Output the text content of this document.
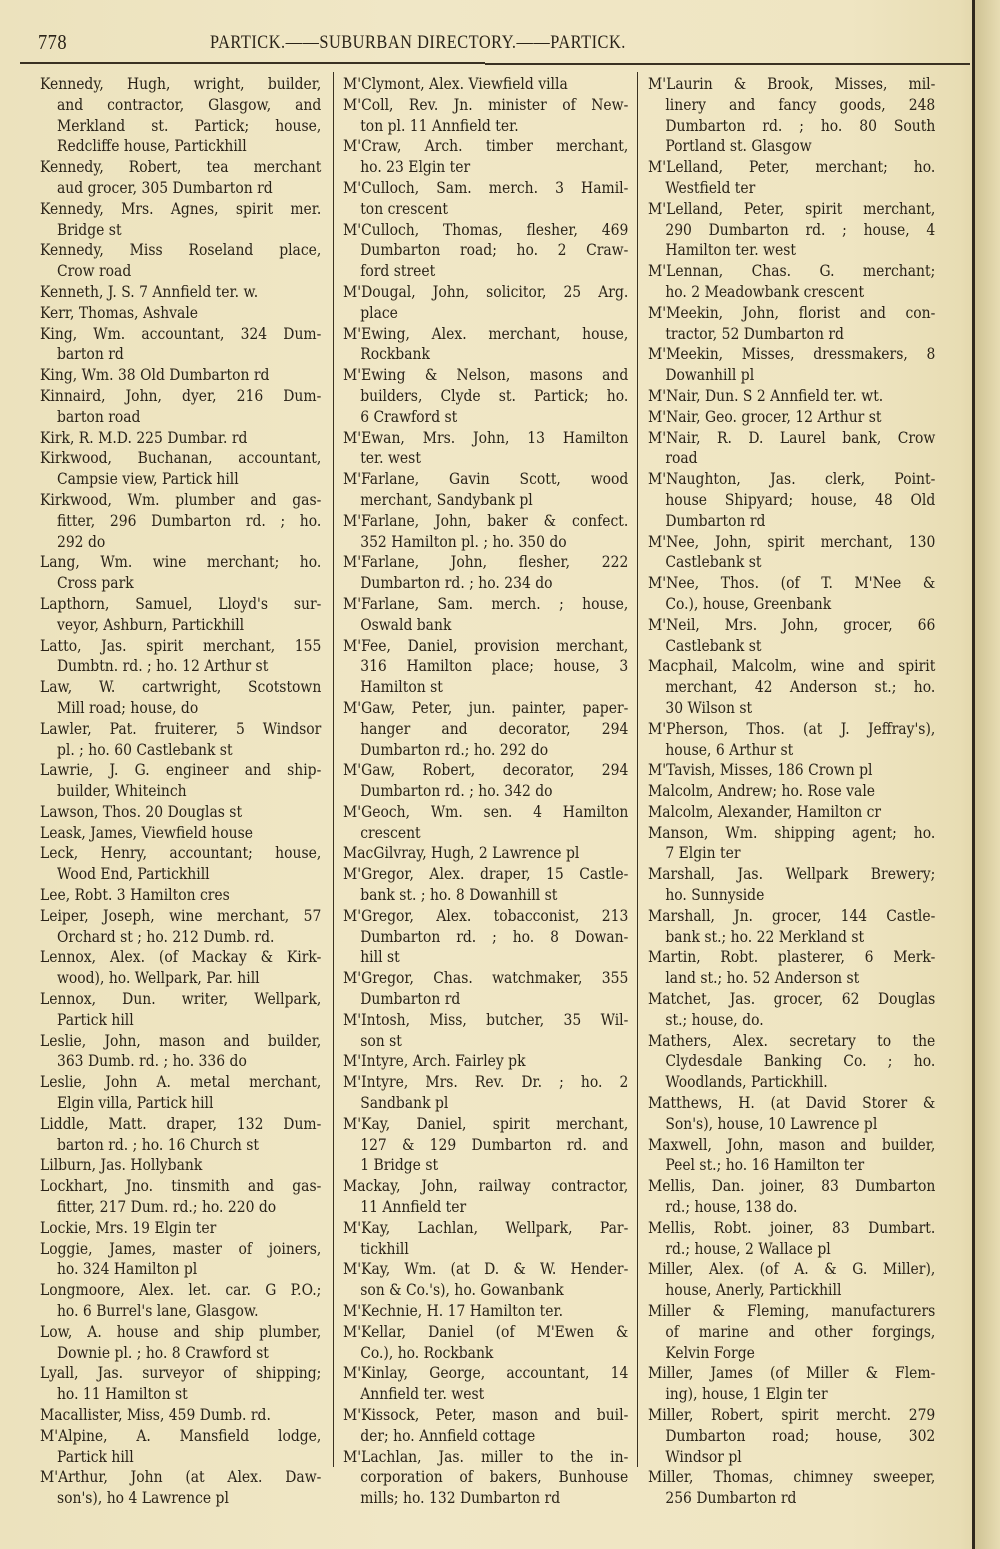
778	PARTICK.——SUBURBAN DIRECTORY.——PARTICK.
Kennedy, Hugh, wright, builder,
and contractor, Glasgow, and
Merkland st. Partick; house,
Redcliffe house, Partickhill
Kennedy, Robert, tea merchant
aud grocer, 305 Dumbarton rd
Kennedy, Mrs. Agnes, spirit mer.
Bridge st
Kennedy, Miss Roseland place,
Crow road
Kenneth, J. S. 7 Annfield ter. w.
Kerr, Thomas, Ashvale
King, Wm. accountant, 324 Dum-
barton rd
King, Wm. 38 Old Dumbarton rd
Kinnaird, John, dyer, 216 Dum-
barton road
Kirk, R. M.D. 225 Dumbar. rd
Kirkwood, Buchanan, accountant,
Campsie view, Partick hill
Kirkwood, Wm. plumber and gas-
fitter, 296 Dumbarton rd. ; ho.
292 do
Lang, Wm. wine merchant; ho.
Cross park
Lapthorn, Samuel, Lloyd's sur-
veyor, Ashburn, Partickhill
Latto, Jas. spirit merchant, 155
Dumbtn. rd. ; ho. 12 Arthur st
Law, W. cartwright, Scotstown
Mill road; house, do
Lawler, Pat. fruiterer, 5 Windsor
pl. ; ho. 60 Castlebank st
Lawrie, J. G. engineer and ship-
builder, Whiteinch
Lawson, Thos. 20 Douglas st
Leask, James, Viewfield house
Leck, Henry, accountant; house,
Wood End, Partickhill
Lee, Robt. 3 Hamilton cres
Leiper, Joseph, wine merchant, 57
Orchard st ; ho. 212 Dumb. rd.
Lennox, Alex. (of Mackay & Kirk-
wood), ho. Wellpark, Par. hill
Lennox, Dun. writer, Wellpark,
Partick hill
Leslie, John, mason and builder,
363 Dumb. rd. ; ho. 336 do
Leslie, John A. metal merchant,
Elgin villa, Partick hill
Liddle, Matt. draper, 132 Dum-
barton rd. ; ho. 16 Church st
Lilburn, Jas. Hollybank
Lockhart, Jno. tinsmith and gas-
fitter, 217 Dum. rd.; ho. 220 do
Lockie, Mrs. 19 Elgin ter
Loggie, James, master of joiners,
ho. 324 Hamilton pl
Longmoore, Alex. let. car. G P.O.;
ho. 6 Burrel's lane, Glasgow.
Low, A. house and ship plumber,
Downie pl. ; ho. 8 Crawford st
Lyall, Jas. surveyor of shipping;
ho. 11 Hamilton st
Macallister, Miss, 459 Dumb. rd.
M'Alpine, A. Mansfield lodge,
Partick hill
M'Arthur, John (at Alex. Daw-
son's), ho 4 Lawrence pl
M'Clymont, Alex. Viewfield villa
M'Coll, Rev. Jn. minister of New-
ton pl. 11 Annfield ter.
M'Craw, Arch. timber merchant,
ho. 23 Elgin ter
M'Culloch, Sam. merch. 3 Hamil-
ton crescent
M'Culloch, Thomas, flesher, 469
Dumbarton road; ho. 2 Craw-
ford street
M'Dougal, John, solicitor, 25 Arg.
place
M'Ewing, Alex. merchant, house,
Rockbank
M'Ewing & Nelson, masons and
builders, Clyde st. Partick; ho.
6 Crawford st
M'Ewan, Mrs. John, 13 Hamilton
ter. west
M'Farlane, Gavin Scott, wood
merchant, Sandybank pl
M'Farlane, John, baker & confect.
352 Hamilton pl. ; ho. 350 do
M'Farlane, John, flesher, 222
Dumbarton rd. ; ho. 234 do
M'Farlane, Sam. merch. ; house,
Oswald bank
M'Fee, Daniel, provision merchant,
316 Hamilton place; house, 3
Hamilton st
M'Gaw, Peter, jun. painter, paper-
hanger and decorator, 294
Dumbarton rd.; ho. 292 do
M'Gaw, Robert, decorator, 294
Dumbarton rd. ; ho. 342 do
M'Geoch, Wm. sen. 4 Hamilton
crescent
MacGilvray, Hugh, 2 Lawrence pl
M'Gregor, Alex. draper, 15 Castle-
bank st. ; ho. 8 Dowanhill st
M'Gregor, Alex. tobacconist, 213
Dumbarton rd. ; ho. 8 Dowan-
hill st
M'Gregor, Chas. watchmaker, 355
Dumbarton rd
M'Intosh, Miss, butcher, 35 Wil-
son st
M'Intyre, Arch. Fairley pk
M'Intyre, Mrs. Rev. Dr. ; ho. 2
Sandbank pl
M'Kay, Daniel, spirit merchant,
127 & 129 Dumbarton rd. and
1 Bridge st
Mackay, John, railway contractor,
11 Annfield ter
M'Kay, Lachlan, Wellpark, Par-
tickhill
M'Kay, Wm. (at D. & W. Hender-
son & Co.'s), ho. Gowanbank
M'Kechnie, H. 17 Hamilton ter.
M'Kellar, Daniel (of M'Ewen &
Co.), ho. Rockbank
M'Kinlay, George, accountant, 14
Annfield ter. west
M'Kissock, Peter, mason and buil-
der; ho. Annfield cottage
M'Lachlan, Jas. miller to the in-
corporation of bakers, Bunhouse
mills; ho. 132 Dumbarton rd
M'Laurin & Brook, Misses, mil-
linery and fancy goods, 248
Dumbarton rd. ; ho. 80 South
Portland st. Glasgow
M'Lelland, Peter, merchant; ho.
Westfield ter
M'Lelland, Peter, spirit merchant,
290 Dumbarton rd. ; house, 4
Hamilton ter. west
M'Lennan, Chas. G. merchant;
ho. 2 Meadowbank crescent
M'Meekin, John, florist and con-
tractor, 52 Dumbarton rd
M'Meekin, Misses, dressmakers, 8
Dowanhill pl
M'Nair, Dun. S 2 Annfield ter. wt.
M'Nair, Geo. grocer, 12 Arthur st
M'Nair, R. D. Laurel bank, Crow
road
M'Naughton, Jas. clerk, Point-
house Shipyard; house, 48 Old
Dumbarton rd
M'Nee, John, spirit merchant, 130
Castlebank st
M'Nee, Thos. (of T. M'Nee &
Co.), house, Greenbank
M'Neil, Mrs. John, grocer, 66
Castlebank st
Macphail, Malcolm, wine and spirit
merchant, 42 Anderson st.; ho.
30 Wilson st
M'Pherson, Thos. (at J. Jeffray's),
house, 6 Arthur st
M'Tavish, Misses, 186 Crown pl
Malcolm, Andrew; ho. Rose vale
Malcolm, Alexander, Hamilton cr
Manson, Wm. shipping agent; ho.
7 Elgin ter
Marshall, Jas. Wellpark Brewery;
ho. Sunnyside
Marshall, Jn. grocer, 144 Castle-
bank st.; ho. 22 Merkland st
Martin, Robt. plasterer, 6 Merk-
land st.; ho. 52 Anderson st
Matchet, Jas. grocer, 62 Douglas
st.; house, do.
Mathers, Alex. secretary to the
Clydesdale Banking Co. ; ho.
Woodlands, Partickhill.
Matthews, H. (at David Storer &
Son's), house, 10 Lawrence pl
Maxwell, John, mason and builder,
Peel st.; ho. 16 Hamilton ter
Mellis, Dan. joiner, 83 Dumbarton
rd.; house, 138 do.
Mellis, Robt. joiner, 83 Dumbart.
rd.; house, 2 Wallace pl
Miller, Alex. (of A. & G. Miller),
house, Anerly, Partickhill
Miller & Fleming, manufacturers
of marine and other forgings,
Kelvin Forge
Miller, James (of Miller & Flem-
ing), house, 1 Elgin ter
Miller, Robert, spirit mercht. 279
Dumbarton road; house, 302
Windsor pl
Miller, Thomas, chimney sweeper,
256 Dumbarton rd
